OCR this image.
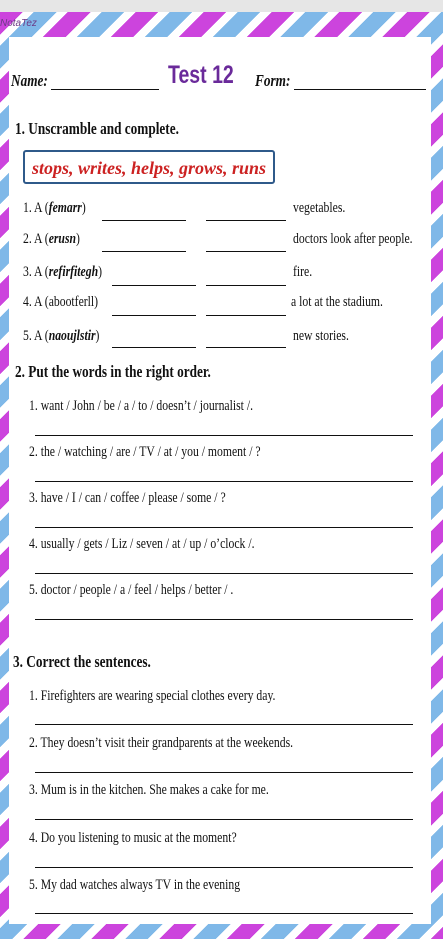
NotaTez
Name:	Test 12	Form:
1. Unscramble and complete.
stops, writes, helps, grows, runs
1. A (femarr)	vegetables.
2. A (erusn)	doctors look after people.
3. A (refirfitegh)	fire.
4. A (abootferll)	a lot at the stadium.
5. A (naoujlstir)	new stories.
2. Put the words in the right order.
1. want / John / be / a / to / doesn’t / journalist /.
2. the / watching / are / TV / at / you / moment / ?
3. have / I / can / coffee / please / some / ?
4. usually / gets / Liz / seven / at / up / o’clock /.
5. doctor / people / a / feel / helps / better / .
3. Correct the sentences.
1. Firefighters are wearing special clothes every day.
2. They doesn’t visit their grandparents at the weekends.
3. Mum is in the kitchen. She makes a cake for me.
4. Do you listening to music at the moment?
5. My dad watches always TV in the evening
